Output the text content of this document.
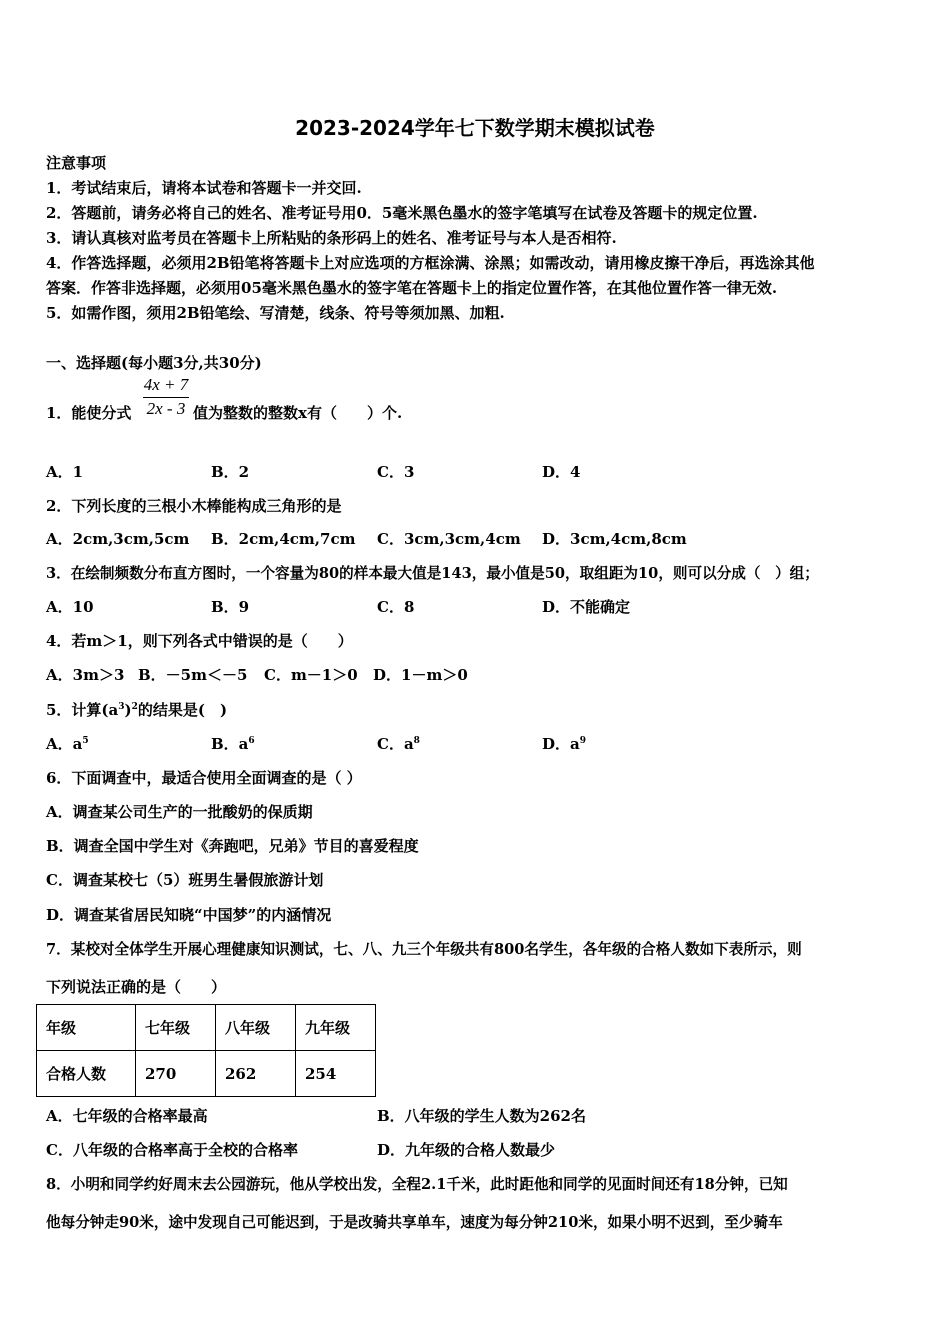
2023-2024学年七下数学期末模拟试卷
注意事项
1．考试结束后，请将本试卷和答题卡一并交回.
2．答题前，请务必将自己的姓名、准考证号用0．5毫米黑色墨水的签字笔填写在试卷及答题卡的规定位置.
3．请认真核对监考员在答题卡上所粘贴的条形码上的姓名、准考证号与本人是否相符.
4．作答选择题，必须用2B铅笔将答题卡上对应选项的方框涂满、涂黑；如需改动，请用橡皮擦干净后，再选涂其他
答案．作答非选择题，必须用05毫米黑色墨水的签字笔在答题卡上的指定位置作答，在其他位置作答一律无效.
5．如需作图，须用2B铅笔绘、写清楚，线条、符号等须加黑、加粗.
一、选择题(每小题3分,共30分)
1．能使分式
4x + 7
2x - 3 值为整数的整数x有（　　）个.
A．1	B．2	C．3	D．4
2．下列长度的三根小木棒能构成三角形的是
A．2cm,3cm,5cm B．2cm,4cm,7cm C．3cm,3cm,4cm D．3cm,4cm,8cm
3．在绘制频数分布直方图时，一个容量为80的样本最大值是143，最小值是50，取组距为10，则可以分成（　）组；
A．10	B．9	C．8	D．不能确定
4．若m＞1，则下列各式中错误的是（　　）
A．3m＞3 B．－5m＜－5 C．m－1＞0 D．1－m＞0
5．计算$(a^3)^2$的结果是(　)
A．$a^5$	B．$a^6$	C．$a^8$	D．$a^9$
6．下面调查中，最适合使用全面调查的是（ ）
A．调查某公司生产的一批酸奶的保质期
B．调查全国中学生对《奔跑吧，兄弟》节目的喜爱程度
C．调查某校七（5）班男生暑假旅游计划
D．调查某省居民知晓“中国梦”的内涵情况
7．某校对全体学生开展心理健康知识测试，七、八、九三个年级共有800名学生，各年级的合格人数如下表所示，则
下列说法正确的是（　　）
年级	七年级	八年级	九年级
合格人数	270	262	254
A．七年级的合格率最高	B．八年级的学生人数为262名
C．八年级的合格率高于全校的合格率	D．九年级的合格人数最少
8．小明和同学约好周末去公园游玩，他从学校出发，全程2.1千米，此时距他和同学的见面时间还有18分钟，已知
他每分钟走90米，途中发现自己可能迟到，于是改骑共享单车，速度为每分钟210米，如果小明不迟到，至少骑车
